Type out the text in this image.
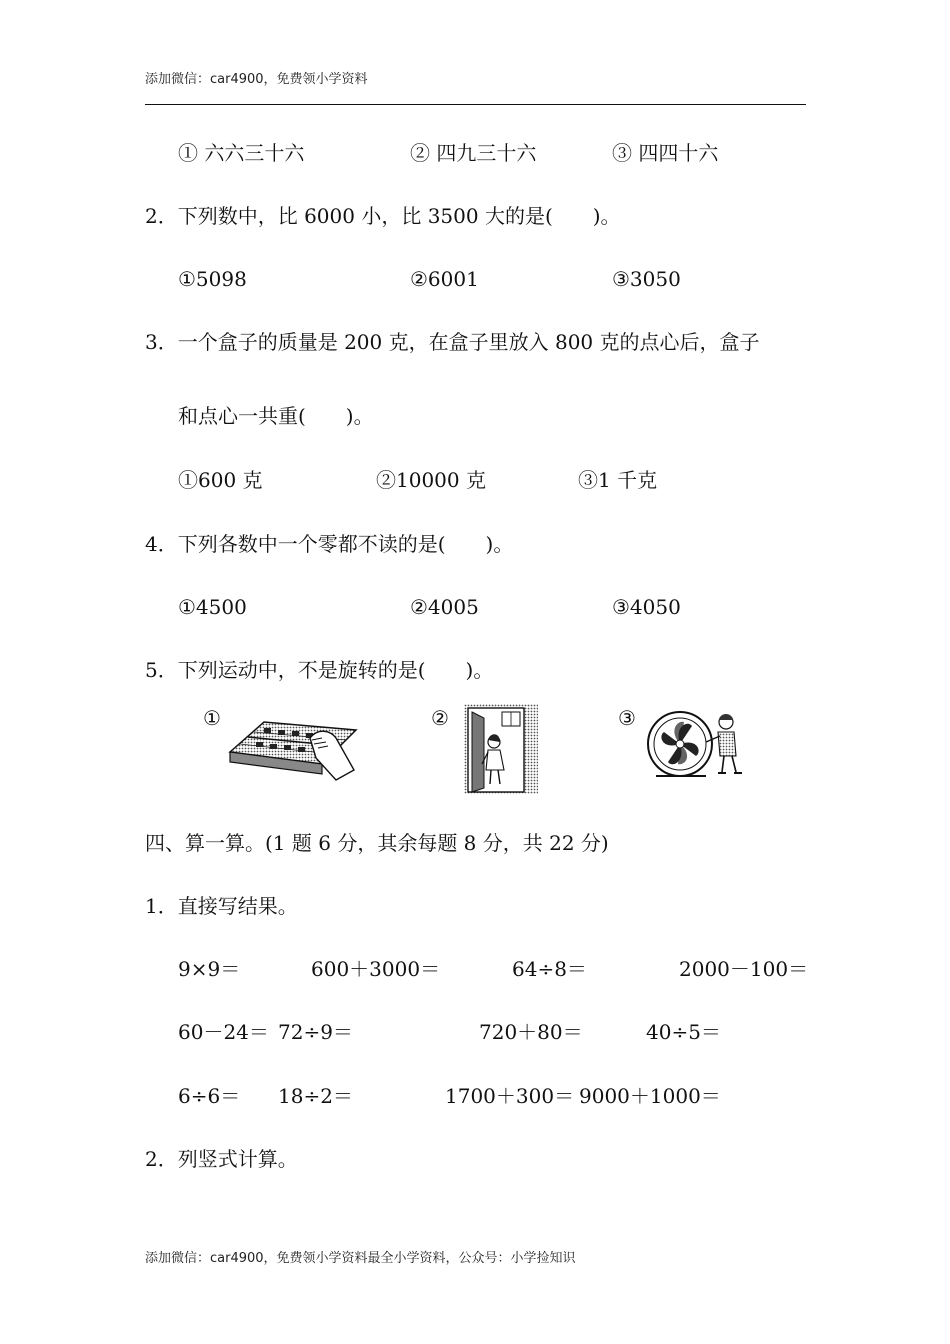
添加微信：car4900，免费领小学资料
① 六六三十六	② 四九三十六	③ 四四十六
2．下列数中，比 6000 小，比 3500 大的是(　　)。
①5098	②6001	③3050
3．一个盒子的质量是 200 克，在盒子里放入 800 克的点心后，盒子
和点心一共重(　　)。
①600 克	②10000 克	③1 千克
4．下列各数中一个零都不读的是(　　)。
①4500	②4005	③4050
5．下列运动中，不是旋转的是(　　)。
①	②	③
四、算一算。(1 题 6 分，其余每题 8 分，共 22 分)
1．直接写结果。
9×9＝	600＋3000＝	64÷8＝	2000－100＝
60－24＝ 72÷9＝	720＋80＝	40÷5＝
6÷6＝ 18÷2＝	1700＋300＝ 9000＋1000＝
2．列竖式计算。
添加微信：car4900，免费领小学资料最全小学资料，公众号：小学捡知识
